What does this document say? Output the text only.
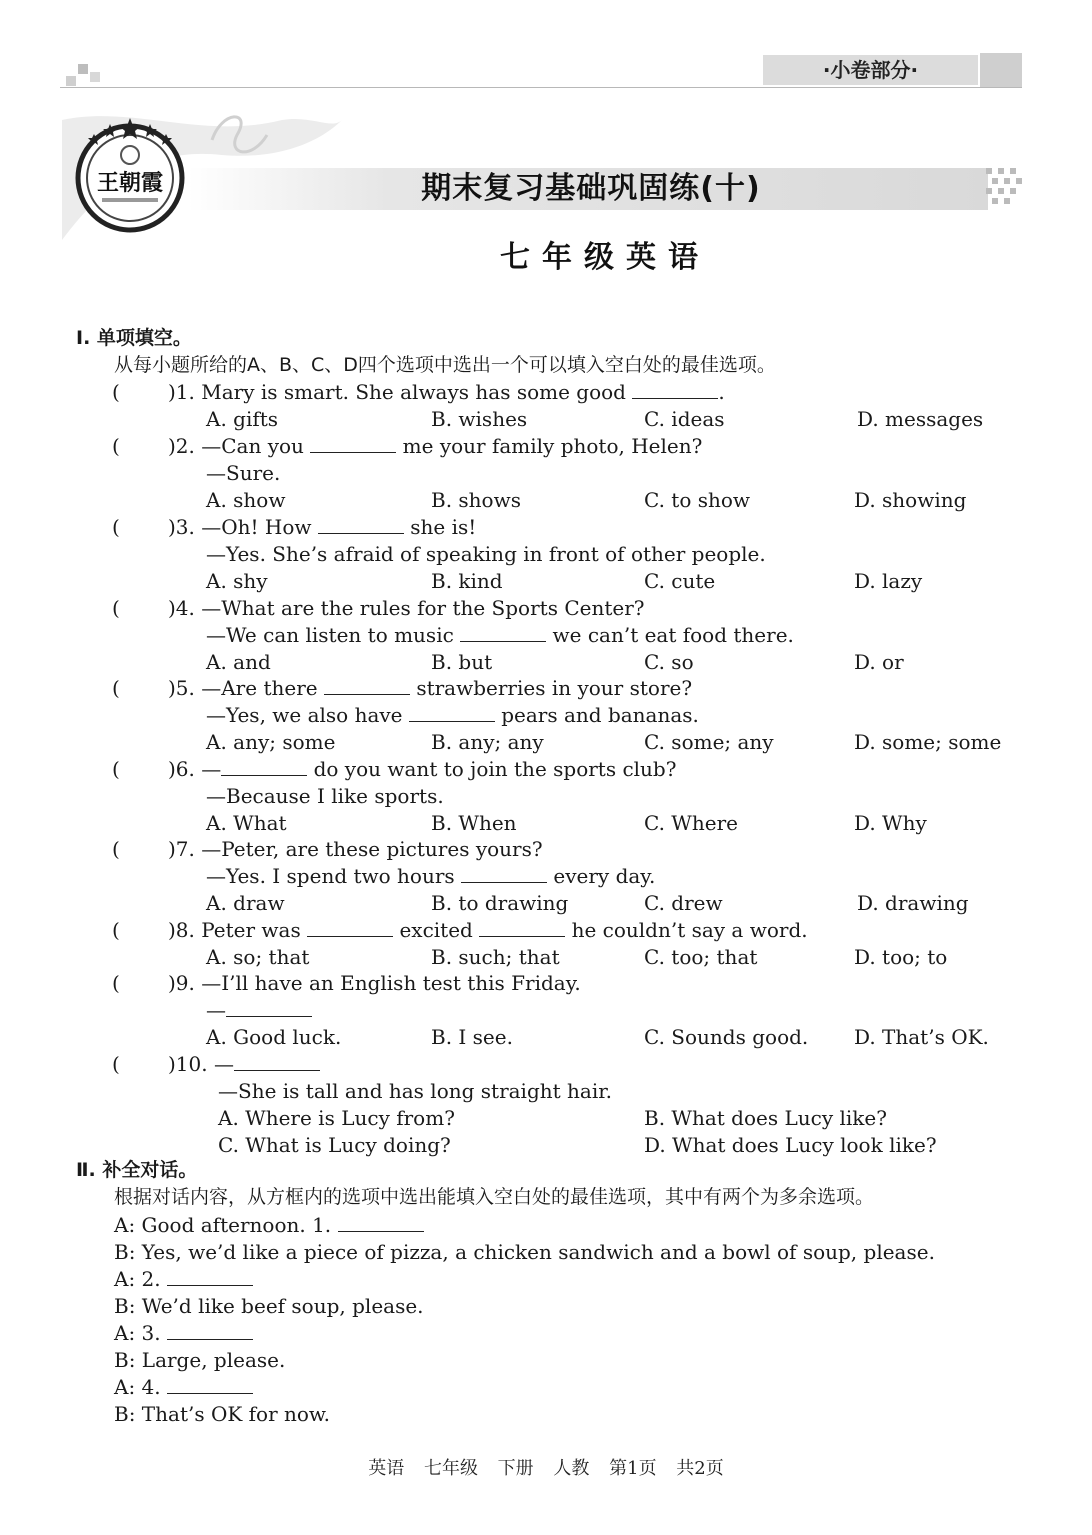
·小卷部分·
王朝霞	期末复习基础巩固练(十)
七年级英语
Ⅰ. 单项填空。
从每小题所给的A、B、C、D四个选项中选出一个可以填入空白处的最佳选项。
( )1. Mary is smart. She always has some good	.
A. gifts	B. wishes	C. ideas	D. messages
( )2. —Can you	me your family photo, Helen?
—Sure.
A. show	B. shows	C. to show	D. showing
( )3. —Oh! How	she is!
—Yes. She’s afraid of speaking in front of other people.
A. shy	B. kind	C. cute	D. lazy
( )4. —What are the rules for the Sports Center?
—We can listen to music	we can’t eat food there.
A. and	B. but	C. so	D. or
( )5. —Are there	strawberries in your store?
—Yes, we also have	pears and bananas.
A. any; some	B. any; any	C. some; any	D. some; some
( )6. —	do you want to join the sports club?
—Because I like sports.
A. What	B. When	C. Where	D. Why
( )7. —Peter, are these pictures yours?
—Yes. I spend two hours	every day.
A. draw	B. to drawing	C. drew	D. drawing
( )8. Peter was	excited	he couldn’t say a word.
A. so; that	B. such; that	C. too; that	D. too; to
( )9. —I’ll have an English test this Friday.
—
A. Good luck.	B. I see.	C. Sounds good. D. That’s OK.
( )10. —
—She is tall and has long straight hair.
A. Where is Lucy from?	B. What does Lucy like?
C. What is Lucy doing?	D. What does Lucy look like?
Ⅱ. 补全对话。
根据对话内容，从方框内的选项中选出能填入空白处的最佳选项，其中有两个为多余选项。
A: Good afternoon. 1.
B: Yes, we’d like a piece of pizza, a chicken sandwich and a bowl of soup, please.
A: 2.
B: We’d like beef soup, please.
B: Large, please.
A: 3.
A: 4.
B: That’s OK for now.
英语 七年级 下册 人教 第1页 共2页
